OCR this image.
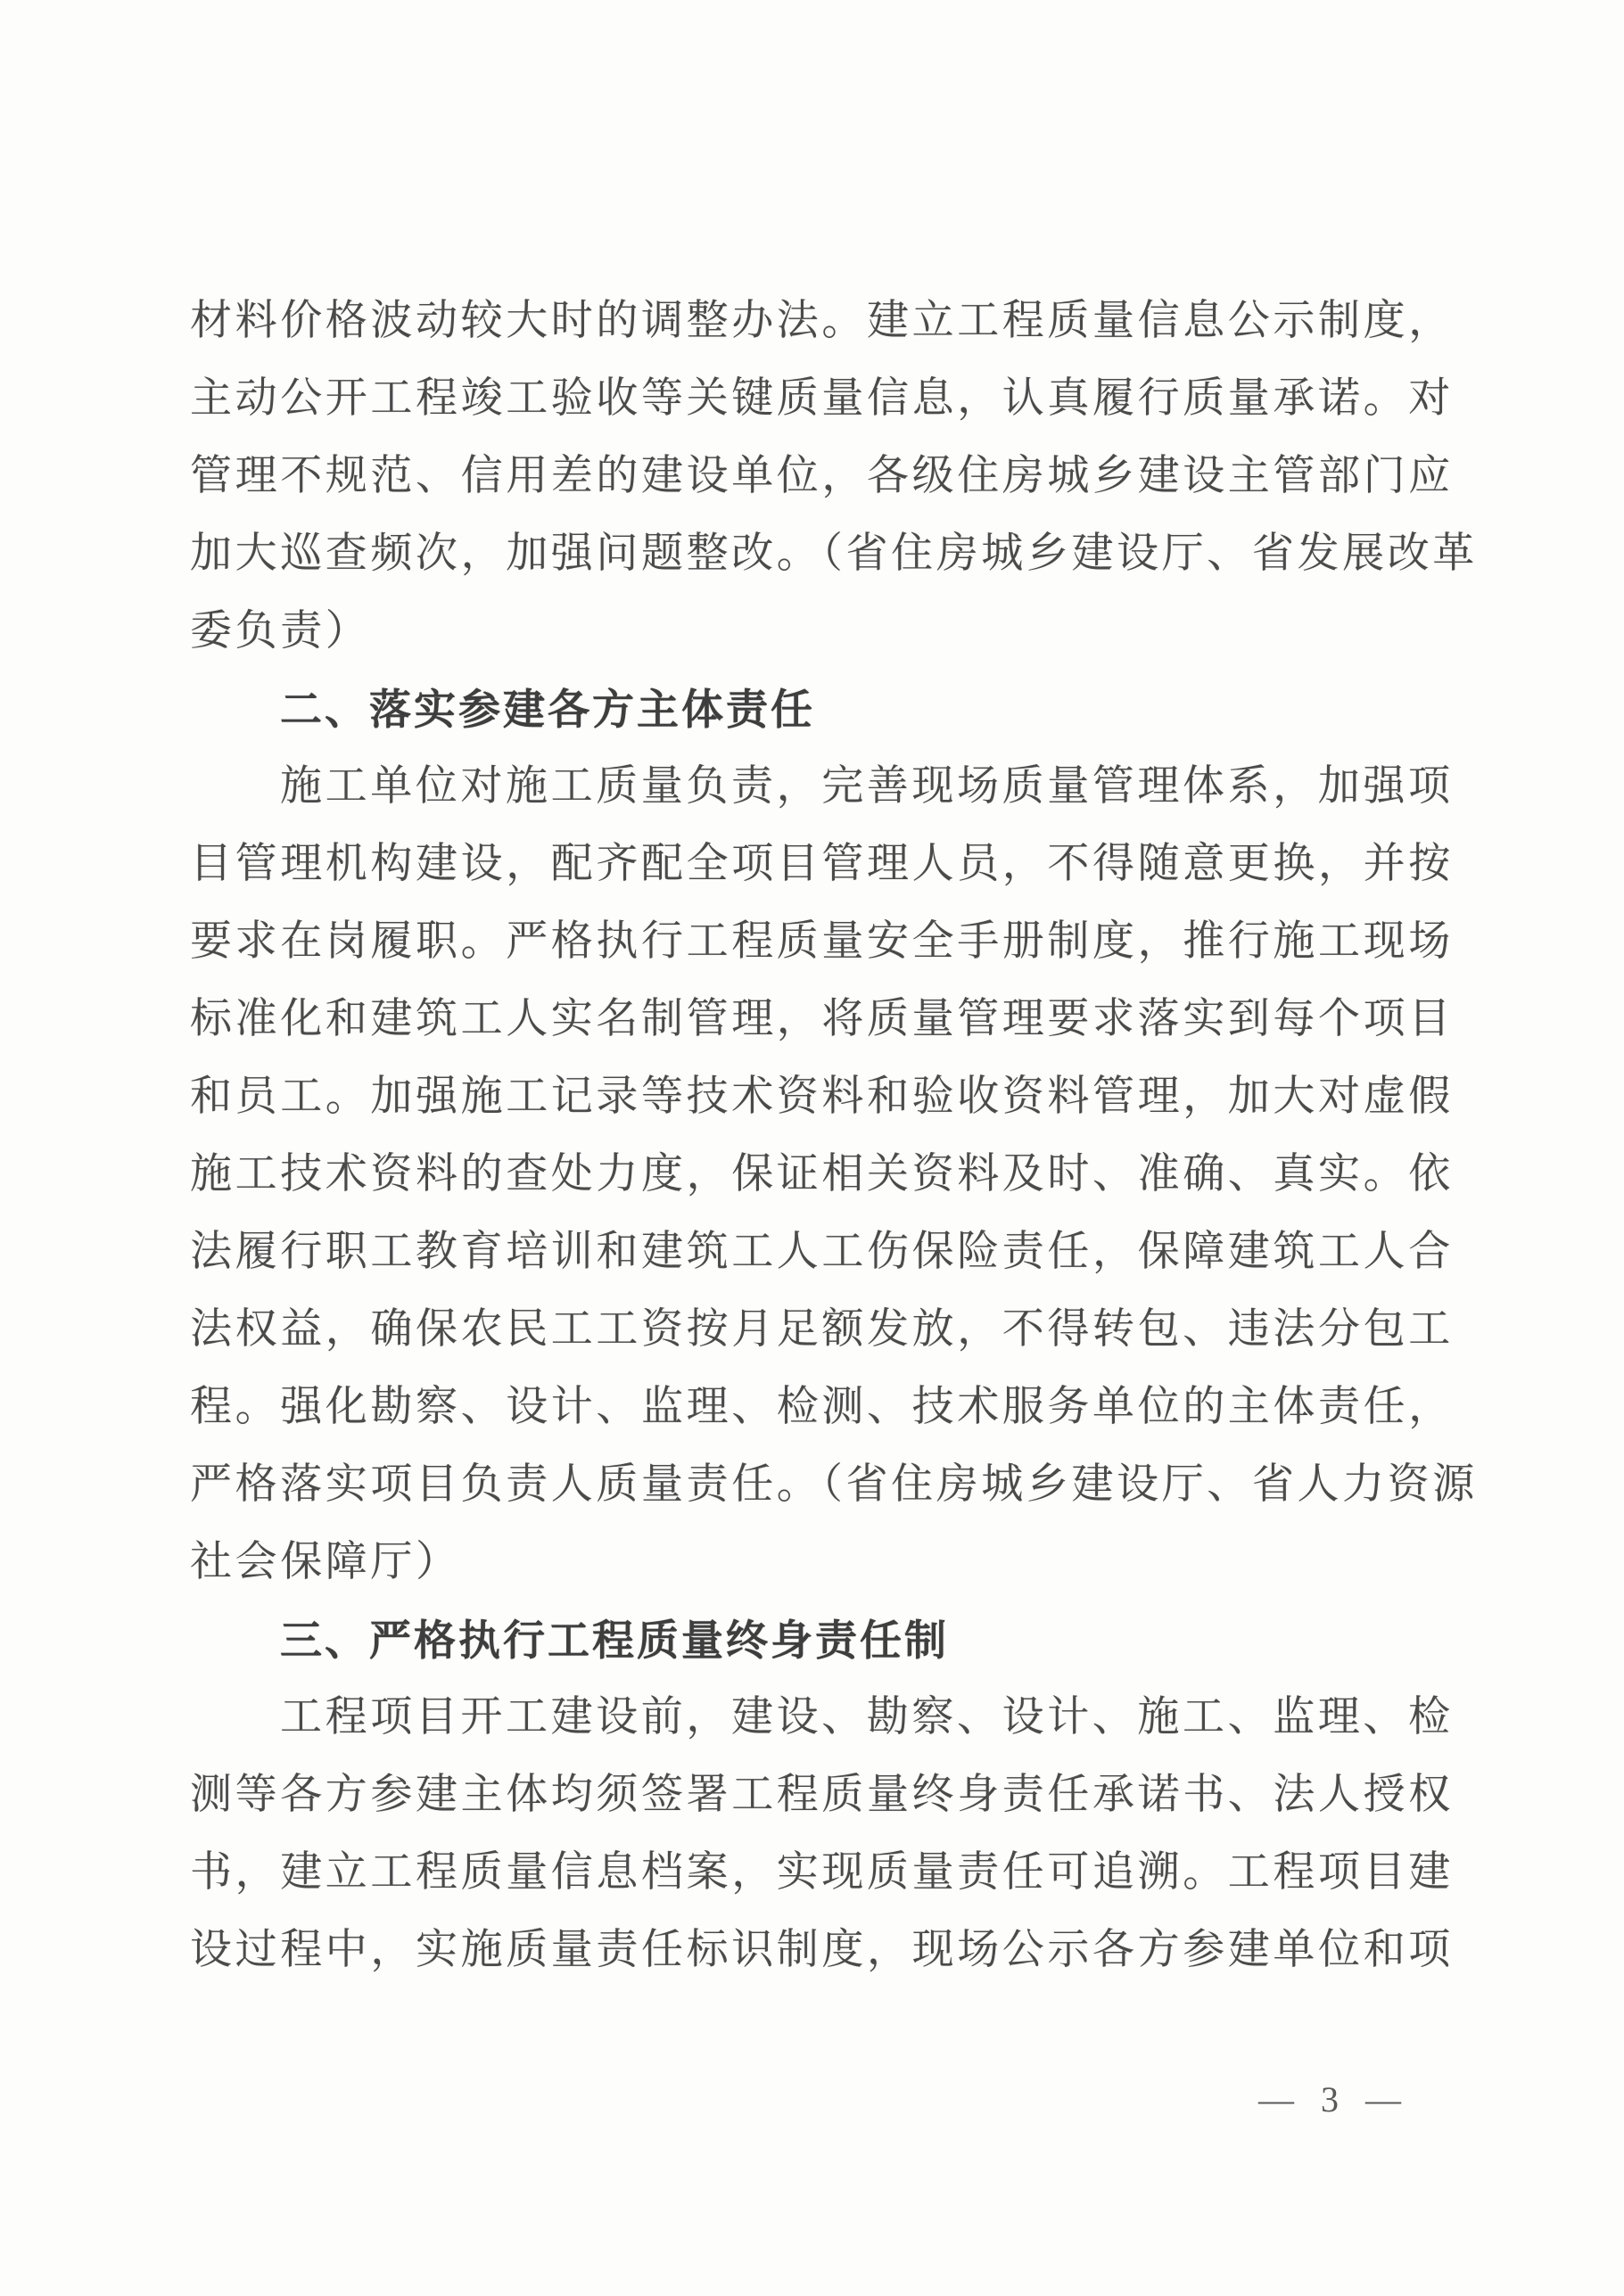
材料价格波动较大时的调整办法。建立工程质量信息公示制度，
主动公开工程竣工验收等关键质量信息，认真履行质量承诺。对
管理不规范、信用差的建设单位，各级住房城乡建设主管部门应
加大巡查频次，加强问题整改。（省住房城乡建设厅、省发展改革
委负责）
二、落实参建各方主体责任
施工单位对施工质量负责，完善现场质量管理体系，加强项
目管理机构建设，配齐配全项目管理人员，不得随意更换，并按
要求在岗履职。严格执行工程质量安全手册制度，推行施工现场
标准化和建筑工人实名制管理，将质量管理要求落实到每个项目
和员工。加强施工记录等技术资料和验收资料管理，加大对虚假
施工技术资料的查处力度，保证相关资料及时、准确、真实。依
法履行职工教育培训和建筑工人工伤保险责任，保障建筑工人合
法权益，确保农民工工资按月足额发放，不得转包、违法分包工
程。强化勘察、设计、监理、检测、技术服务单位的主体责任，
严格落实项目负责人质量责任。（省住房城乡建设厅、省人力资源
社会保障厅）
三、严格执行工程质量终身责任制
工程项目开工建设前，建设、勘察、设计、施工、监理、检
测等各方参建主体均须签署工程质量终身责任承诺书、法人授权
书，建立工程质量信息档案，实现质量责任可追溯。工程项目建
设过程中，实施质量责任标识制度，现场公示各方参建单位和项
— 3 —
